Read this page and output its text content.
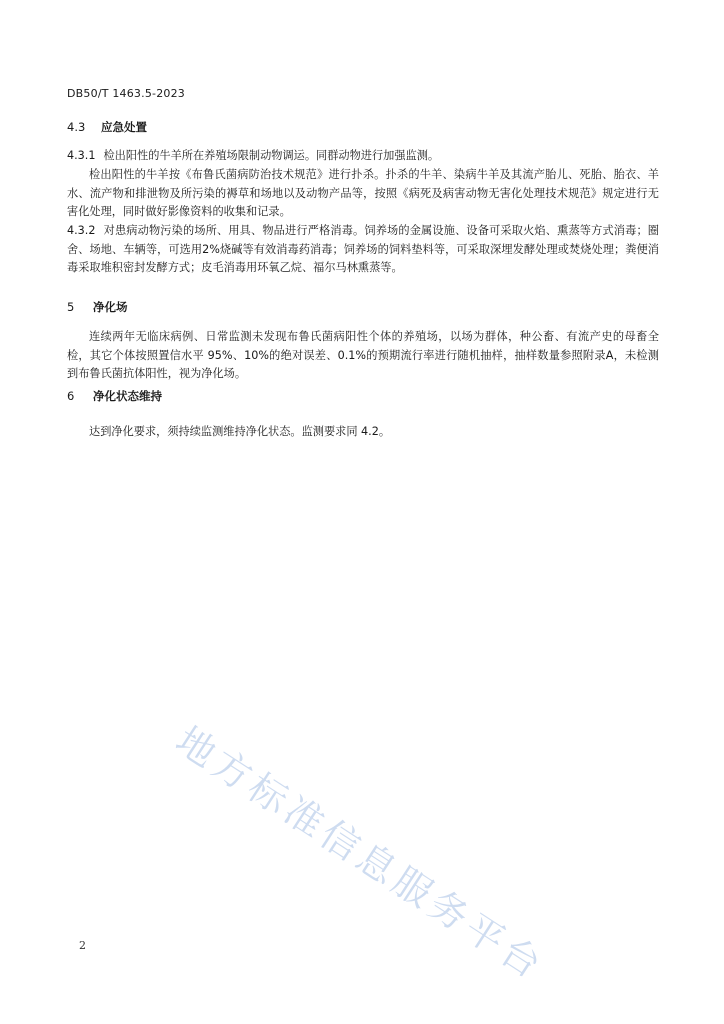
DB50/T 1463.5-2023
4.3 应急处置
4.3.1 检出阳性的牛羊所在养殖场限制动物调运。同群动物进行加强监测。
检出阳性的牛羊按《布鲁氏菌病防治技术规范》进行扑杀。扑杀的牛羊、染病牛羊及其流产胎儿、死胎、胎衣、羊水、流产物和排泄物及所污染的褥草和场地以及动物产品等，按照《病死及病害动物无害化处理技术规范》规定进行无害化处理，同时做好影像资料的收集和记录。
4.3.2 对患病动物污染的场所、用具、物品进行严格消毒。饲养场的金属设施、设备可采取火焰、熏蒸等方式消毒；圈舍、场地、车辆等，可选用2%烧碱等有效消毒药消毒；饲养场的饲料垫料等，可采取深埋发酵处理或焚烧处理；粪便消毒采取堆积密封发酵方式；皮毛消毒用环氧乙烷、福尔马林熏蒸等。
5 净化场
连续两年无临床病例、日常监测未发现布鲁氏菌病阳性个体的养殖场，以场为群体，种公畜、有流产史的母畜全检，其它个体按照置信水平 95%、10%的绝对误差、0.1%的预期流行率进行随机抽样，抽样数量参照附录A，未检测到布鲁氏菌抗体阳性，视为净化场。
6 净化状态维持
达到净化要求，须持续监测维持净化状态。监测要求同 4.2。
地方标准信息服务平台
2
